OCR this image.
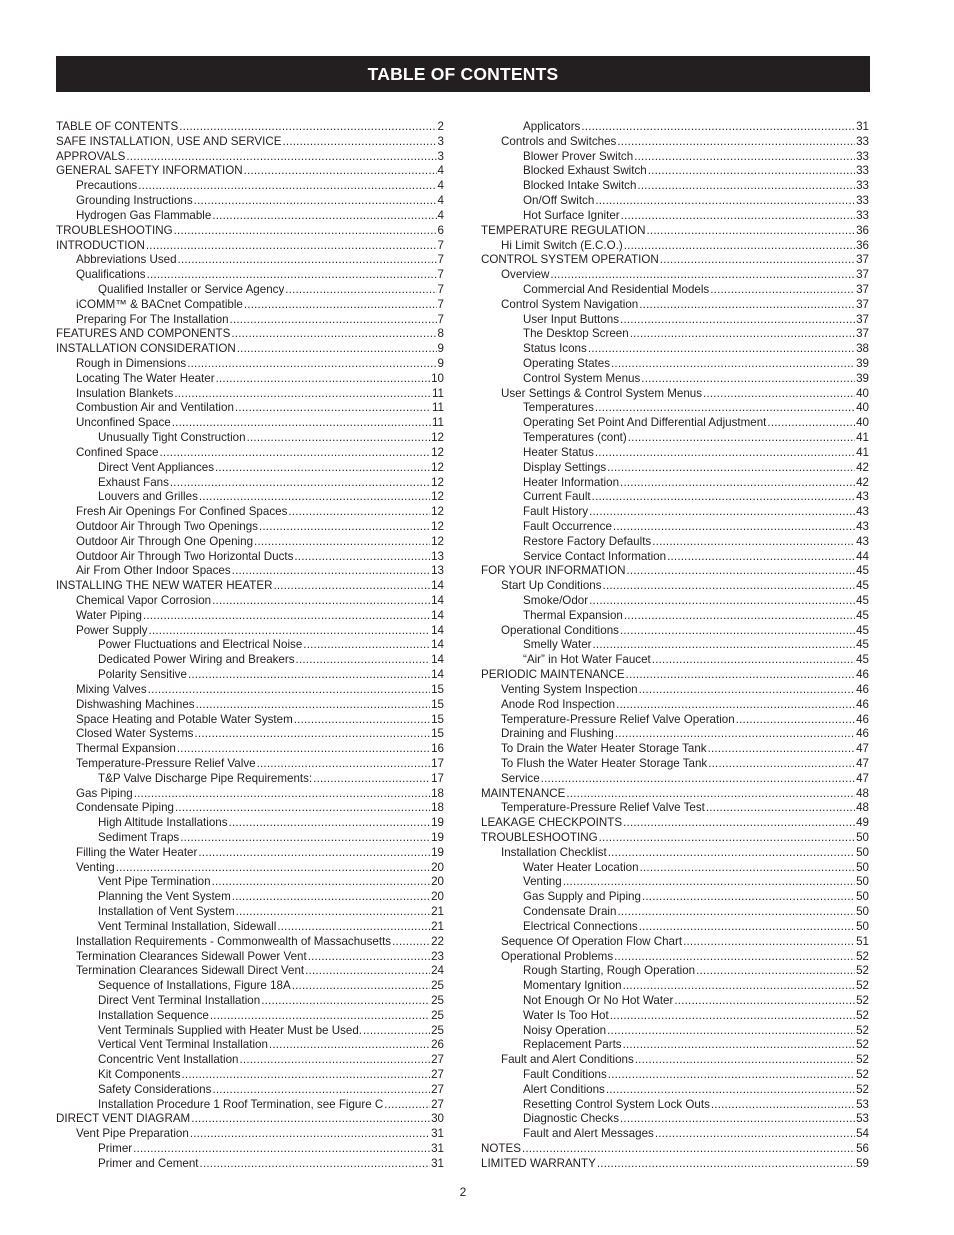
TABLE OF CONTENTS
TABLE OF CONTENTS .....	2
SAFE INSTALLATION, USE AND SERVICE .....	3
APPROVALS .....	3
GENERAL SAFETY INFORMATION .....	4
Precautions .....	4
Grounding Instructions .....	4
Hydrogen Gas Flammable .....	4
TROUBLESHOOTING .....	6
INTRODUCTION .....	7
Abbreviations Used .....	7
Qualifications .....	7
Qualified Installer or Service Agency .....	7
iCOMM™ & BACnet Compatible .....	7
Preparing For The Installation .....	7
FEATURES AND COMPONENTS .....	8
INSTALLATION CONSIDERATION .....	9
Rough in Dimensions .....	9
Locating The Water Heater .....	10
Insulation Blankets .....	11
Combustion Air and Ventilation .....	11
Unconfined Space .....	11
Unusually Tight Construction .....	12
Confined Space .....	12
Direct Vent Appliances .....	12
Exhaust Fans .....	12
Louvers and Grilles .....	12
Fresh Air Openings For Confined Spaces .....	12
Outdoor Air Through Two Openings .....	12
Outdoor Air Through One Opening .....	12
Outdoor Air Through Two Horizontal Ducts .....	13
Air From Other Indoor Spaces .....	13
INSTALLING THE NEW WATER HEATER .....	14
Chemical Vapor Corrosion .....	14
Water Piping .....	14
Power Supply .....	14
Power Fluctuations and Electrical Noise .....	14
Dedicated Power Wiring and Breakers .....	14
Polarity Sensitive .....	14
Mixing Valves .....	15
Dishwashing Machines .....	15
Space Heating and Potable Water System .....	15
Closed Water Systems .....	15
Thermal Expansion .....	16
Temperature-Pressure Relief Valve .....	17
T&P Valve Discharge Pipe Requirements: .....	17
Gas Piping .....	18
Condensate Piping .....	18
High Altitude Installations .....	19
Sediment Traps .....	19
Filling the Water Heater .....	19
Venting .....	20
Vent Pipe Termination .....	20
Planning the Vent System .....	20
Installation of Vent System .....	21
Vent Terminal Installation, Sidewall .....	21
Installation Requirements - Commonwealth of Massachusetts .....	22
Termination Clearances Sidewall Power Vent .....	23
Termination Clearances Sidewall Direct Vent .....	24
Sequence of Installations, Figure 18A .....	25
Direct Vent Terminal Installation .....	25
Installation Sequence .....	25
Vent Terminals Supplied with Heater Must be Used. .....	25
Vertical Vent Terminal Installation .....	26
Concentric Vent Installation .....	27
Kit Components .....	27
Safety Considerations .....	27
Installation Procedure 1 Roof Termination, see Figure C .....	27
DIRECT VENT DIAGRAM .....	30
Vent Pipe Preparation .....	31
Primer .....	31
Primer and Cement .....	31
Applicators .....	31
Controls and Switches .....	33
Blower Prover Switch .....	33
Blocked Exhaust Switch .....	33
Blocked Intake Switch .....	33
On/Off Switch .....	33
Hot Surface Igniter .....	33
TEMPERATURE REGULATION .....	36
Hi Limit Switch (E.C.O.) .....	36
CONTROL SYSTEM OPERATION .....	37
Overview .....	37
Commercial And Residential Models .....	37
Control System Navigation .....	37
User Input Buttons .....	37
The Desktop Screen .....	37
Status Icons .....	38
Operating States .....	39
Control System Menus .....	39
User Settings & Control System Menus .....	40
Temperatures .....	40
Operating Set Point And Differential Adjustment .....	40
Temperatures (cont) .....	41
Heater Status .....	41
Display Settings .....	42
Heater Information .....	42
Current Fault .....	43
Fault History .....	43
Fault Occurrence .....	43
Restore Factory Defaults .....	43
Service Contact Information .....	44
FOR YOUR INFORMATION .....	45
Start Up Conditions .....	45
Smoke/Odor .....	45
Thermal Expansion .....	45
Operational Conditions .....	45
Smelly Water .....	45
“Air” in Hot Water Faucet .....	45
PERIODIC MAINTENANCE .....	46
Venting System Inspection .....	46
Anode Rod Inspection .....	46
Temperature-Pressure Relief Valve Operation .....	46
Draining and Flushing .....	46
To Drain the Water Heater Storage Tank .....	47
To Flush the Water Heater Storage Tank .....	47
Service .....	47
MAINTENANCE .....	48
Temperature-Pressure Relief Valve Test .....	48
LEAKAGE CHECKPOINTS .....	49
TROUBLESHOOTING .....	50
Installation Checklist .....	50
Water Heater Location .....	50
Venting .....	50
Gas Supply and Piping .....	50
Condensate Drain .....	50
Electrical Connections .....	50
Sequence Of Operation Flow Chart .....	51
Operational Problems .....	52
Rough Starting, Rough Operation .....	52
Momentary Ignition .....	52
Not Enough Or No Hot Water .....	52
Water Is Too Hot .....	52
Noisy Operation .....	52
Replacement Parts .....	52
Fault and Alert Conditions .....	52
Fault Conditions .....	52
Alert Conditions .....	52
Resetting Control System Lock Outs .....	53
Diagnostic Checks .....	53
Fault and Alert Messages .....	54
NOTES .....	56
LIMITED WARRANTY .....	59
2
